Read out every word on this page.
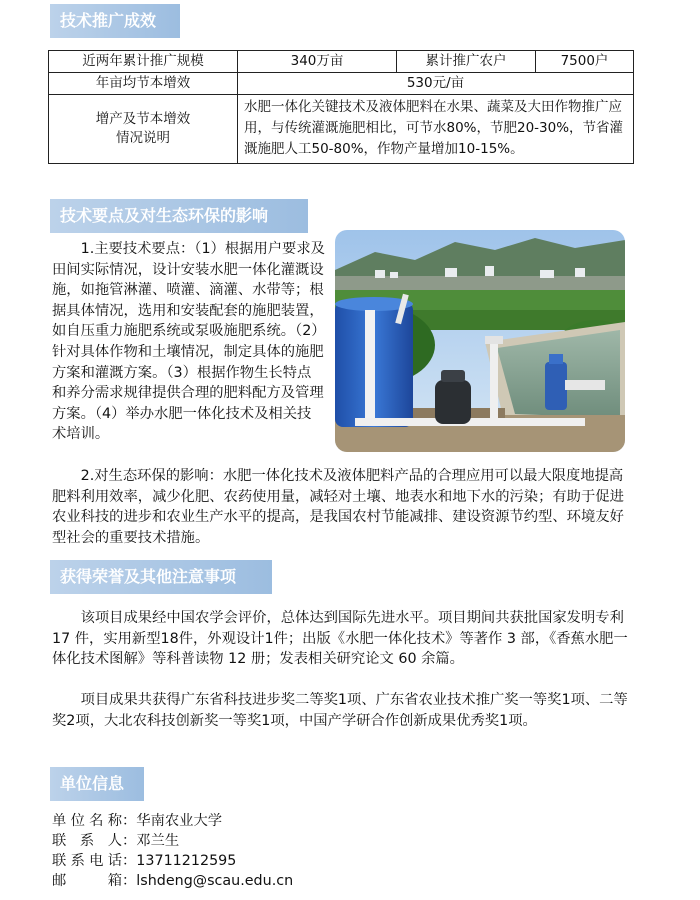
技术推广成效
近两年累计推广规模	340万亩	累计推广农户	7500户
年亩均节本增效	530元/亩		

增产及节本增效
情况说明	水肥一体化关键技术及液体肥料在水果、蔬菜及大田作物推广应用，与传统灌溉施肥相比，可节水80%，节肥20-30%，节省灌溉施肥人工50-80%，作物产量增加10-15%。		
技术要点及对生态环保的影响

1.主要技术要点：（1）根据用户要求及田间实际情况，设计安装水肥一体化灌溉设施，如拖管淋灌、喷灌、滴灌、水带等；根据具体情况，选用和安装配套的施肥装置，如自压重力施肥系统或泵吸施肥系统。（2）针对具体作物和土壤情况，制定具体的施肥方案和灌溉方案。（3）根据作物生长特点和养分需求规律提供合理的肥料配方及管理方案。（4）举办水肥一体化技术及相关技术培训。

2.对生态环保的影响：水肥一体化技术及液体肥料产品的合理应用可以最大限度地提高肥料利用效率，减少化肥、农药使用量，减轻对土壤、地表水和地下水的污染；有助于促进农业科技的进步和农业生产水平的提高，是我国农村节能减排、建设资源节约型、环境友好型社会的重要技术措施。

获得荣誉及其他注意事项

该项目成果经中国农学会评价，总体达到国际先进水平。项目期间共获批国家发明专利 17 件，实用新型18件，外观设计1件；出版《水肥一体化技术》等著作 3 部，《香蕉水肥一体化技术图解》等科普读物 12 册；发表相关研究论文 60 余篇。

项目成果共获得广东省科技进步奖二等奖1项、广东省农业技术推广奖一等奖1项、二等奖2项，大北农科技创新奖一等奖1项，中国产学研合作创新成果优秀奖1项。

单位信息
单位名称：华南农业大学
联系人：邓兰生
联系电话：13711212595
邮箱：lshdeng@scau.edu.cn
